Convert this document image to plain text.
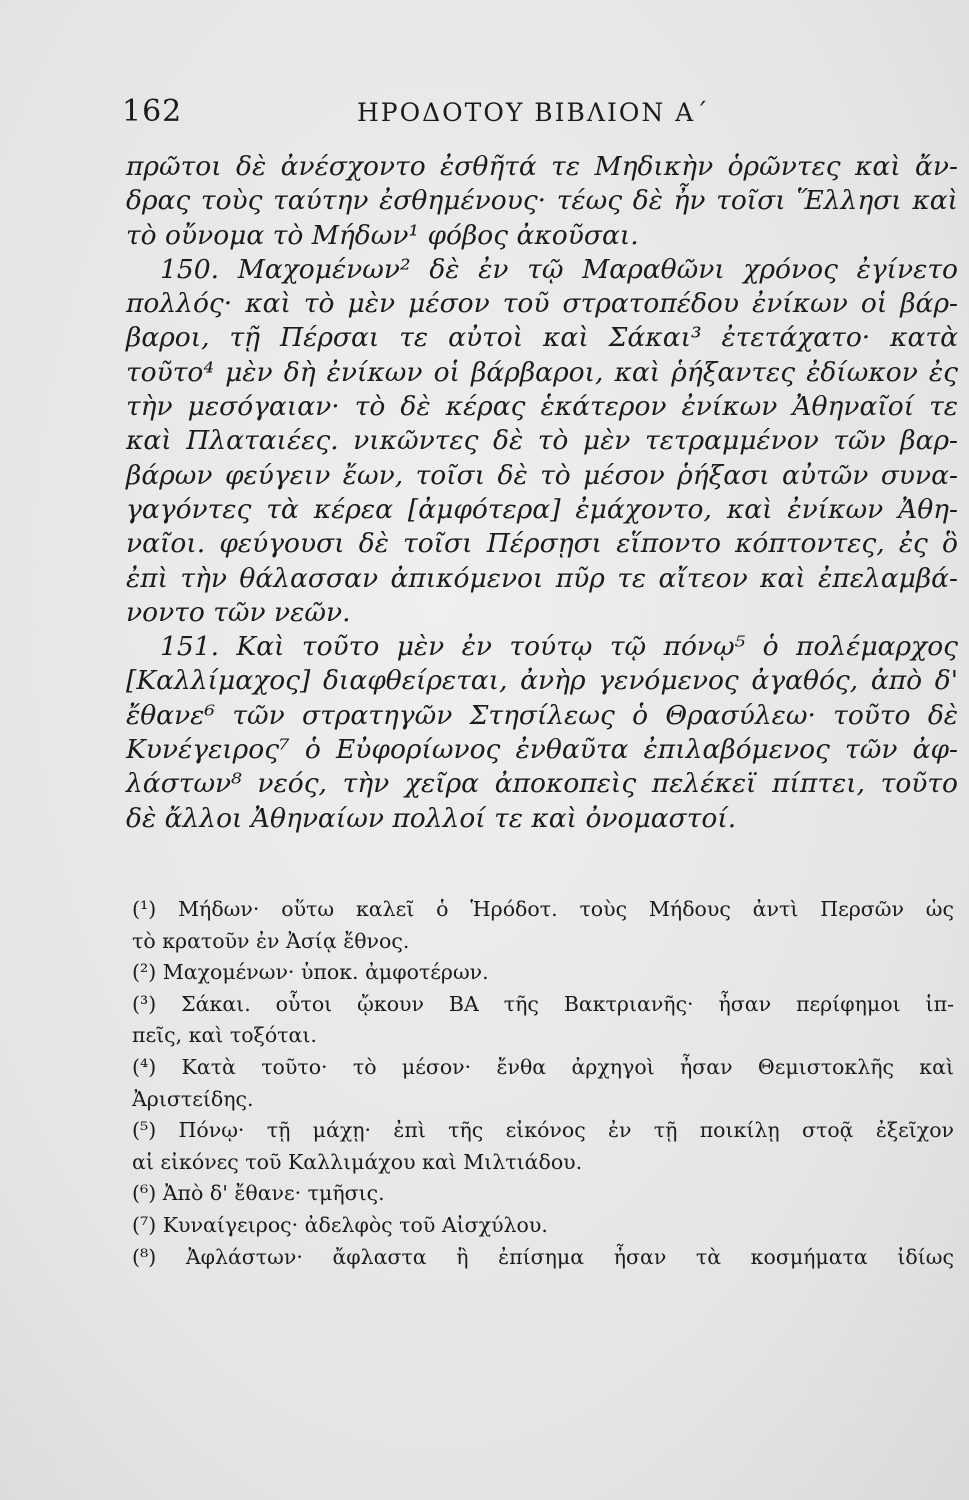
162	ΗΡΟΔΟΤΟΥ ΒΙΒΛΙΟΝ Α΄
πρῶτοι δὲ ἀνέσχοντο ἐσθῆτά τε Μηδικὴν ὁρῶντες καὶ ἄν-
δρας τοὺς ταύτην ἐσθημένους· τέως δὲ ἦν τοῖσι Ἕλλησι καὶ
τὸ οὔνομα τὸ Μήδων¹ φόβος ἀκοῦσαι.
150. Μαχομένων² δὲ ἐν τῷ Μαραθῶνι χρόνος ἐγίνετο
πολλός· καὶ τὸ μὲν μέσον τοῦ στρατοπέδου ἐνίκων οἱ βάρ-
βαροι, τῇ Πέρσαι τε αὐτοὶ καὶ Σάκαι³ ἐτετάχατο· κατὰ
τοῦτο⁴ μὲν δὴ ἐνίκων οἱ βάρβαροι, καὶ ῥήξαντες ἐδίωκον ἐς
τὴν μεσόγαιαν· τὸ δὲ κέρας ἑκάτερον ἐνίκων Ἀθηναῖοί τε
καὶ Πλαταιέες. νικῶντες δὲ τὸ μὲν τετραμμένον τῶν βαρ-
βάρων φεύγειν ἔων, τοῖσι δὲ τὸ μέσον ῥήξασι αὐτῶν συνα-
γαγόντες τὰ κέρεα [ἀμφότερα] ἐμάχοντο, καὶ ἐνίκων Ἀθη-
ναῖοι. φεύγουσι δὲ τοῖσι Πέρσῃσι εἵποντο κόπτοντες, ἐς ὃ
ἐπὶ τὴν θάλασσαν ἀπικόμενοι πῦρ τε αἴτεον καὶ ἐπελαμβά-
νοντο τῶν νεῶν.
151. Καὶ τοῦτο μὲν ἐν τούτῳ τῷ πόνῳ⁵ ὁ πολέμαρχος
[Καλλίμαχος] διαφθείρεται, ἀνὴρ γενόμενος ἀγαθός, ἀπὸ δ'
ἔθανε⁶ τῶν στρατηγῶν Στησίλεως ὁ Θρασύλεω· τοῦτο δὲ
Κυνέγειρος⁷ ὁ Εὐφορίωνος ἐνθαῦτα ἐπιλαβόμενος τῶν ἀφ-
λάστων⁸ νεός, τὴν χεῖρα ἀποκοπεὶς πελέκεϊ πίπτει, τοῦτο
δὲ ἄλλοι Ἀθηναίων πολλοί τε καὶ ὀνομαστοί.
(¹) Μήδων· οὕτω καλεῖ ὁ Ἡρόδοτ. τοὺς Μήδους ἀντὶ Περσῶν ὡς
τὸ κρατοῦν ἐν Ἀσίᾳ ἔθνος.
(²) Μαχομένων· ὑποκ. ἀμφοτέρων.
(³) Σάκαι. οὗτοι ᾤκουν ΒΑ τῆς Βακτριανῆς· ἦσαν περίφημοι ἱπ-
πεῖς, καὶ τοξόται.
(⁴) Κατὰ τοῦτο· τὸ μέσον· ἔνθα ἀρχηγοὶ ἦσαν Θεμιστοκλῆς καὶ
Ἀριστείδης.
(⁵) Πόνῳ· τῇ μάχῃ· ἐπὶ τῆς εἰκόνος ἐν τῇ ποικίλῃ στοᾷ ἐξεῖχον
αἱ εἰκόνες τοῦ Καλλιμάχου καὶ Μιλτιάδου.
(⁶) Ἀπὸ δ' ἔθανε· τμῆσις.
(⁷) Κυναίγειρος· ἀδελφὸς τοῦ Αἰσχύλου.
(⁸) Ἀφλάστων· ἄφλαστα ἢ ἐπίσημα ἦσαν τὰ κοσμήματα ἰδίως
